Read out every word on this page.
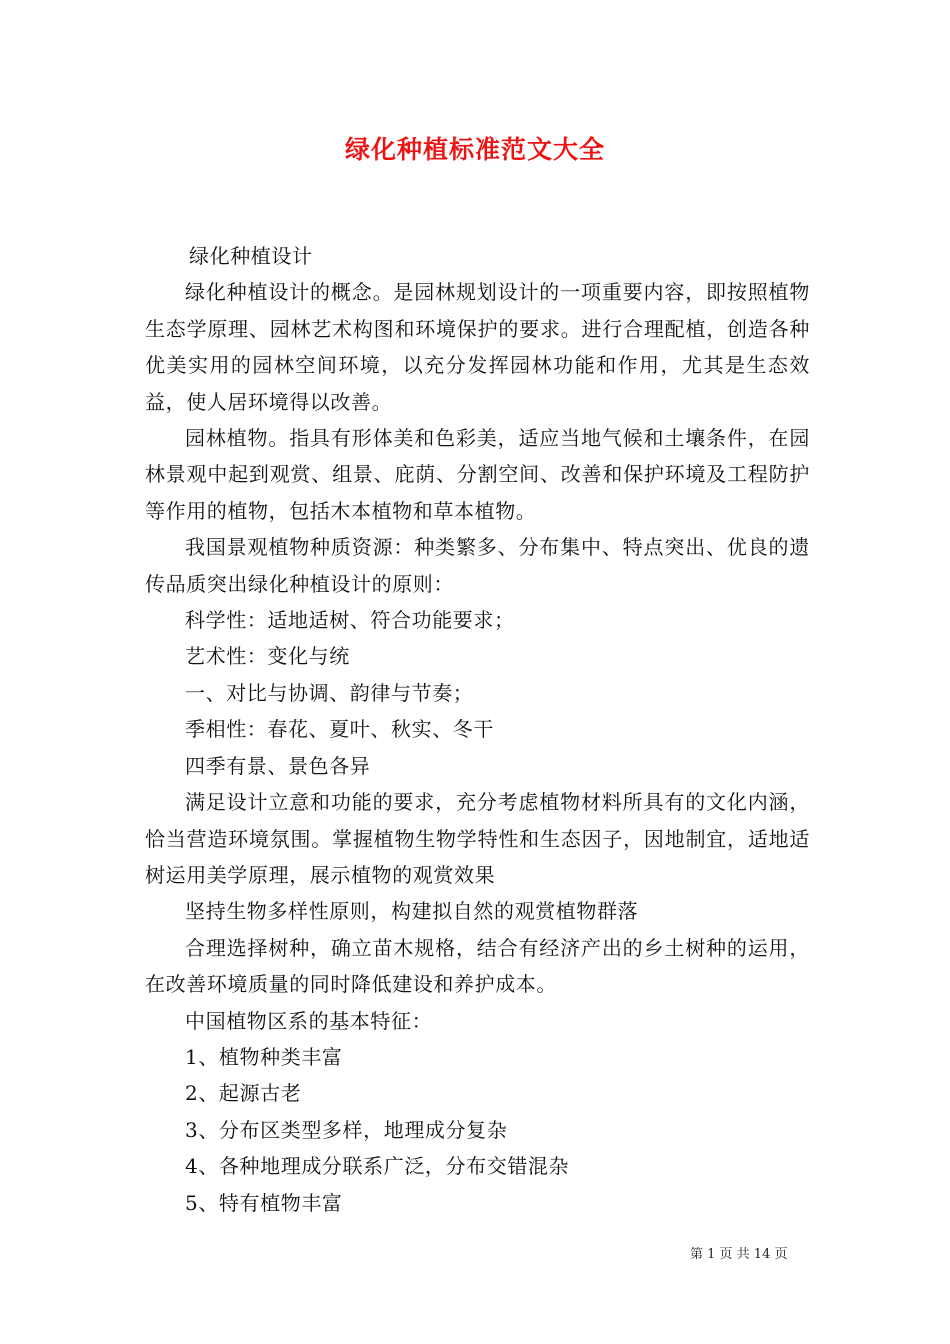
绿化种植标准范文大全

绿化种植设计

绿化种植设计的概念。是园林规划设计的一项重要内容，即按照植物生态学原理、园林艺术构图和环境保护的要求。进行合理配植，创造各种优美实用的园林空间环境，以充分发挥园林功能和作用，尤其是生态效益，使人居环境得以改善。

园林植物。指具有形体美和色彩美，适应当地气候和土壤条件，在园林景观中起到观赏、组景、庇荫、分割空间、改善和保护环境及工程防护等作用的植物，包括木本植物和草本植物。

我国景观植物种质资源：种类繁多、分布集中、特点突出、优良的遗传品质突出绿化种植设计的原则：

科学性：适地适树、符合功能要求；

艺术性：变化与统

一、对比与协调、韵律与节奏；

季相性：春花、夏叶、秋实、冬干

四季有景、景色各异

满足设计立意和功能的要求，充分考虑植物材料所具有的文化内涵，恰当营造环境氛围。掌握植物生物学特性和生态因子，因地制宜，适地适树运用美学原理，展示植物的观赏效果

坚持生物多样性原则，构建拟自然的观赏植物群落

合理选择树种，确立苗木规格，结合有经济产出的乡土树种的运用，在改善环境质量的同时降低建设和养护成本。

中国植物区系的基本特征：

1、植物种类丰富

2、起源古老

3、分布区类型多样，地理成分复杂

4、各种地理成分联系广泛，分布交错混杂

5、特有植物丰富

第 1 页 共 14 页
